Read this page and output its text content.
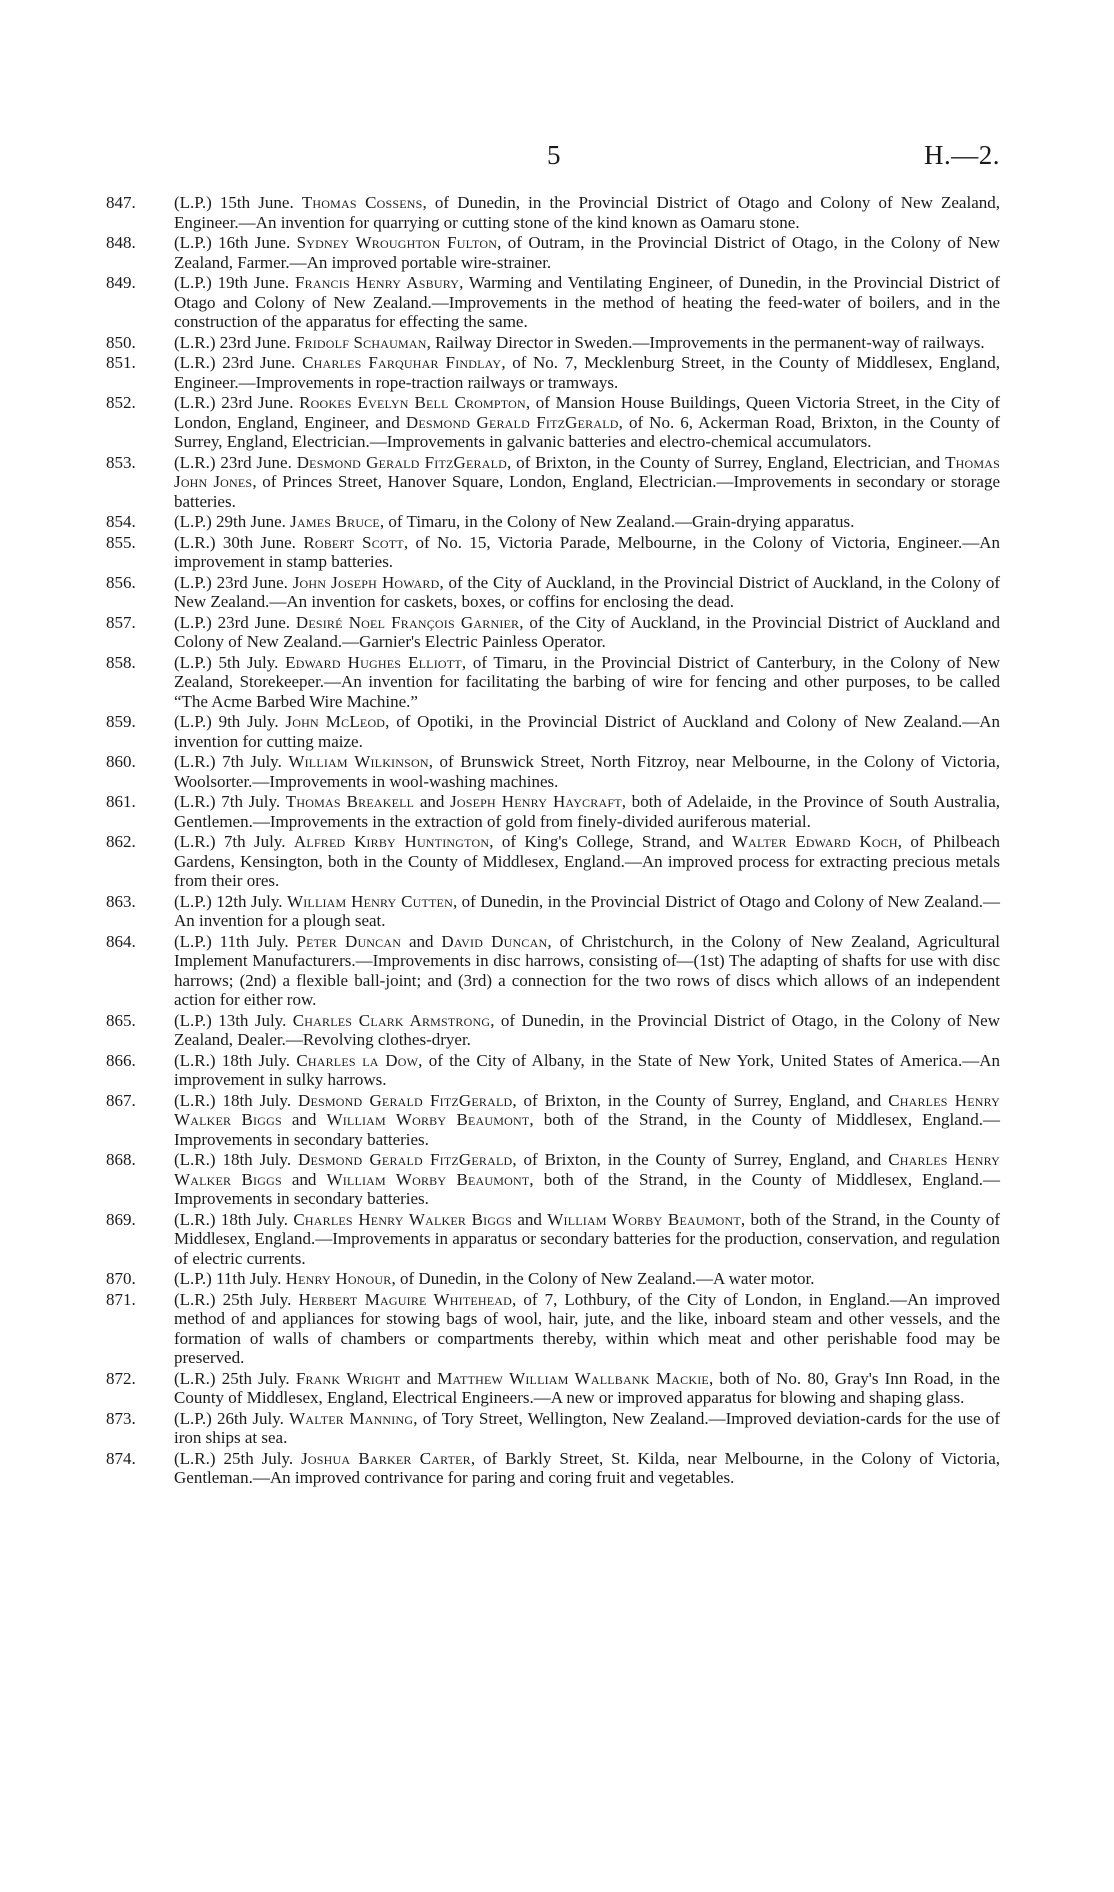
5	H.—2.
847.	(L.P.) 15th June. Thomas Cossens, of Dunedin, in the Provincial District of Otago and Colony of New Zealand, Engineer.—An invention for quarrying or cutting stone of the kind known as Oamaru stone.
848.	(L.P.) 16th June. Sydney Wroughton Fulton, of Outram, in the Provincial District of Otago, in the Colony of New Zealand, Farmer.—An improved portable wire-strainer.
849.	(L.P.) 19th June. Francis Henry Asbury, Warming and Ventilating Engineer, of Dunedin, in the Provincial District of Otago and Colony of New Zealand.—Improvements in the method of heating the feed-water of boilers, and in the construction of the apparatus for effecting the same.
850.	(L.R.) 23rd June. Fridolf Schauman, Railway Director in Sweden.—Improvements in the permanent-way of railways.
851.	(L.R.) 23rd June. Charles Farquhar Findlay, of No. 7, Mecklenburg Street, in the County of Middlesex, England, Engineer.—Improvements in rope-traction railways or tramways.
852.	(L.R.) 23rd June. Rookes Evelyn Bell Crompton, of Mansion House Buildings, Queen Victoria Street, in the City of London, England, Engineer, and Desmond Gerald FitzGerald, of No. 6, Ackerman Road, Brixton, in the County of Surrey, England, Electrician.—Improvements in galvanic batteries and electro-chemical accumulators.
853.	(L.R.) 23rd June. Desmond Gerald FitzGerald, of Brixton, in the County of Surrey, England, Electrician, and Thomas John Jones, of Princes Street, Hanover Square, London, England, Electrician.—Improvements in secondary or storage batteries.
854.	(L.P.) 29th June. James Bruce, of Timaru, in the Colony of New Zealand.—Grain-drying apparatus.
855.	(L.R.) 30th June. Robert Scott, of No. 15, Victoria Parade, Melbourne, in the Colony of Victoria, Engineer.—An improvement in stamp batteries.
856.	(L.P.) 23rd June. John Joseph Howard, of the City of Auckland, in the Provincial District of Auckland, in the Colony of New Zealand.—An invention for caskets, boxes, or coffins for enclosing the dead.
857.	(L.P.) 23rd June. Desiré Noel François Garnier, of the City of Auckland, in the Provincial District of Auckland and Colony of New Zealand.—Garnier's Electric Painless Operator.
858.	(L.P.) 5th July. Edward Hughes Elliott, of Timaru, in the Provincial District of Canterbury, in the Colony of New Zealand, Storekeeper.—An invention for facilitating the barbing of wire for fencing and other purposes, to be called “The Acme Barbed Wire Machine.”
859.	(L.P.) 9th July. John McLeod, of Opotiki, in the Provincial District of Auckland and Colony of New Zealand.—An invention for cutting maize.
860.	(L.R.) 7th July. William Wilkinson, of Brunswick Street, North Fitzroy, near Melbourne, in the Colony of Victoria, Woolsorter.—Improvements in wool-washing machines.
861.	(L.R.) 7th July. Thomas Breakell and Joseph Henry Haycraft, both of Adelaide, in the Province of South Australia, Gentlemen.—Improvements in the extraction of gold from finely-divided auriferous material.
862.	(L.R.) 7th July. Alfred Kirby Huntington, of King's College, Strand, and Walter Edward Koch, of Philbeach Gardens, Kensington, both in the County of Middlesex, England.—An improved process for extracting precious metals from their ores.
863.	(L.P.) 12th July. William Henry Cutten, of Dunedin, in the Provincial District of Otago and Colony of New Zealand.—An invention for a plough seat.
864.	(L.P.) 11th July. Peter Duncan and David Duncan, of Christchurch, in the Colony of New Zealand, Agricultural Implement Manufacturers.—Improvements in disc harrows, consisting of—(1st) The adapting of shafts for use with disc harrows; (2nd) a flexible ball-joint; and (3rd) a connection for the two rows of discs which allows of an independent action for either row.
865.	(L.P.) 13th July. Charles Clark Armstrong, of Dunedin, in the Provincial District of Otago, in the Colony of New Zealand, Dealer.—Revolving clothes-dryer.
866.	(L.R.) 18th July. Charles la Dow, of the City of Albany, in the State of New York, United States of America.—An improvement in sulky harrows.
867.	(L.R.) 18th July. Desmond Gerald FitzGerald, of Brixton, in the County of Surrey, England, and Charles Henry Walker Biggs and William Worby Beaumont, both of the Strand, in the County of Middlesex, England.—Improvements in secondary batteries.
868.	(L.R.) 18th July. Desmond Gerald FitzGerald, of Brixton, in the County of Surrey, England, and Charles Henry Walker Biggs and William Worby Beaumont, both of the Strand, in the County of Middlesex, England.—Improvements in secondary batteries.
869.	(L.R.) 18th July. Charles Henry Walker Biggs and William Worby Beaumont, both of the Strand, in the County of Middlesex, England.—Improvements in apparatus or secondary batteries for the production, conservation, and regulation of electric currents.
870.	(L.P.) 11th July. Henry Honour, of Dunedin, in the Colony of New Zealand.—A water motor.
871.	(L.R.) 25th July. Herbert Maguire Whitehead, of 7, Lothbury, of the City of London, in England.—An improved method of and appliances for stowing bags of wool, hair, jute, and the like, inboard steam and other vessels, and the formation of walls of chambers or compartments thereby, within which meat and other perishable food may be preserved.
872.	(L.R.) 25th July. Frank Wright and Matthew William Wallbank Mackie, both of No. 80, Gray's Inn Road, in the County of Middlesex, England, Electrical Engineers.—A new or improved apparatus for blowing and shaping glass.
873.	(L.P.) 26th July. Walter Manning, of Tory Street, Wellington, New Zealand.—Improved deviation-cards for the use of iron ships at sea.
874.	(L.R.) 25th July. Joshua Barker Carter, of Barkly Street, St. Kilda, near Melbourne, in the Colony of Victoria, Gentleman.—An improved contrivance for paring and coring fruit and vegetables.
